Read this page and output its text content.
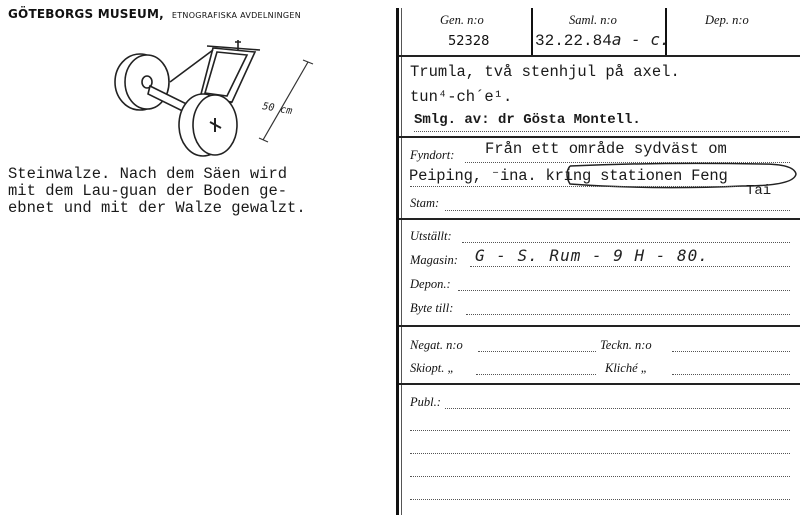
GÖTEBORGS MUSEUM, ETNOGRAFISKA AVDELNINGEN
50 cm
Steinwalze. Nach dem Säen wird
mit dem Lau-guan der Boden ge-
ebnet und mit der Walze gewalzt.
Gen. n:o	Saml. n:o	Dep. n:o
52328	32.22.84a - c.
Trumla, två stenhjul på axel.
tun⁴-ch´e¹.
Smlg. av: dr Gösta Montell.
Fyndort: Från ett område sydväst om
Peiping, ⁻ina. kring stationen Feng
Tai
Stam:
Utställt:
Magasin: G - S. Rum - 9 H - 80.
Depon.:
Byte till:
Negat. n:o	Teckn. n:o
Skiopt. „	Kliché „
Publ.:
